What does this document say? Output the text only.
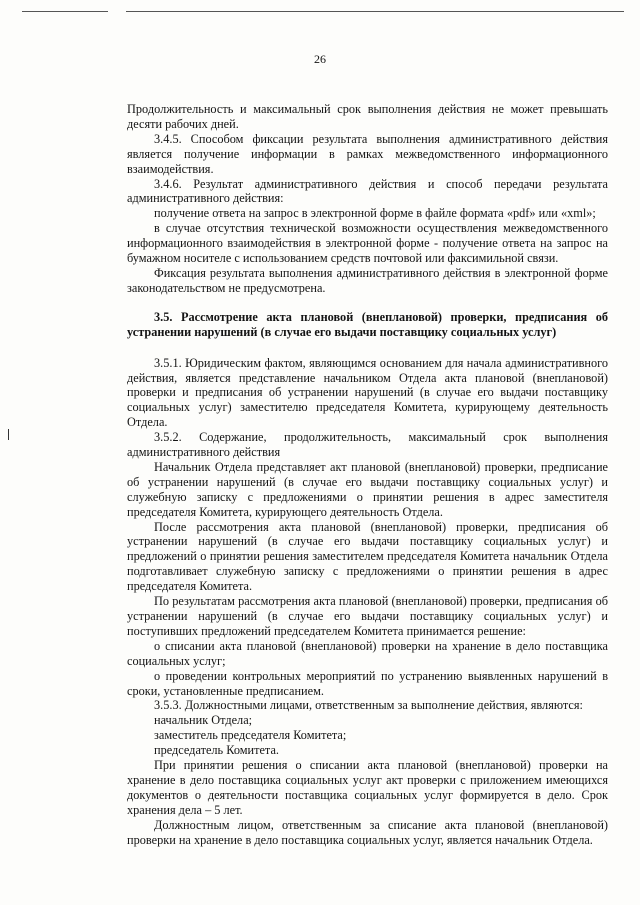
26

Продолжительность и максимальный срок выполнения действия не может превышать десяти рабочих дней.

3.4.5. Способом фиксации результата выполнения административного действия является получение информации в рамках межведомственного информационного взаимодействия.

3.4.6. Результат административного действия и способ передачи результата административного действия:

получение ответа на запрос в электронной форме в файле формата «pdf» или «xml»;

в случае отсутствия технической возможности осуществления межведомственного информационного взаимодействия в электронной форме - получение ответа на запрос на бумажном носителе с использованием средств почтовой или факсимильной связи.

Фиксация результата выполнения административного действия в электронной форме законодательством не предусмотрена.

3.5. Рассмотрение акта плановой (внеплановой) проверки, предписания об устранении нарушений (в случае его выдачи поставщику социальных услуг)

3.5.1. Юридическим фактом, являющимся основанием для начала административного действия, является представление начальником Отдела акта плановой (внеплановой) проверки и предписания об устранении нарушений (в случае его выдачи поставщику социальных услуг) заместителю председателя Комитета, курирующему деятельность Отдела.

3.5.2. Содержание, продолжительность, максимальный срок выполнения административного действия

Начальник Отдела представляет акт плановой (внеплановой) проверки, предписание об устранении нарушений (в случае его выдачи поставщику социальных услуг) и служебную записку с предложениями о принятии решения в адрес заместителя председателя Комитета, курирующего деятельность Отдела.

После рассмотрения акта плановой (внеплановой) проверки, предписания об устранении нарушений (в случае его выдачи поставщику социальных услуг) и предложений о принятии решения заместителем председателя Комитета начальник Отдела подготавливает служебную записку с предложениями о принятии решения в адрес председателя Комитета.

По результатам рассмотрения акта плановой (внеплановой) проверки, предписания об устранении нарушений (в случае его выдачи поставщику социальных услуг) и поступивших предложений председателем Комитета принимается решение:

о списании акта плановой (внеплановой) проверки на хранение в дело поставщика социальных услуг;

о проведении контрольных мероприятий по устранению выявленных нарушений в сроки, установленные предписанием.

3.5.3. Должностными лицами, ответственным за выполнение действия, являются:

начальник Отдела;

заместитель председателя Комитета;

председатель Комитета.

При принятии решения о списании акта плановой (внеплановой) проверки на хранение в дело поставщика социальных услуг акт проверки с приложением имеющихся документов о деятельности поставщика социальных услуг формируется в дело. Срок хранения дела – 5 лет.

Должностным лицом, ответственным за списание акта плановой (внеплановой) проверки на хранение в дело поставщика социальных услуг, является начальник Отдела.
